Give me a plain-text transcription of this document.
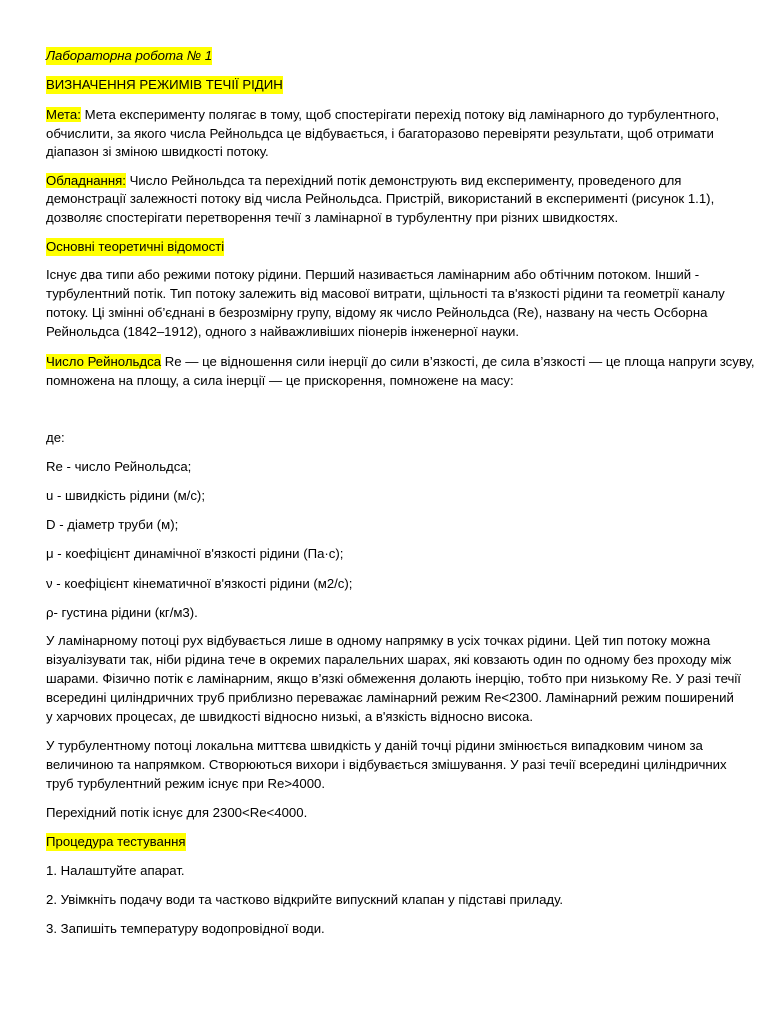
Лабораторна робота № 1
ВИЗНАЧЕННЯ РЕЖИМІВ ТЕЧІЇ РІДИН
Мета: Мета експерименту полягає в тому, щоб спостерігати перехід потоку від ламінарного до турбулентного,
обчислити, за якого числа Рейнольдса це відбувається, і багаторазово перевіряти результати, щоб отримати
діапазон зі зміною швидкості потоку.
Обладнання: Число Рейнольдса та перехідний потік демонструють вид експерименту, проведеного для
демонстрації залежності потоку від числа Рейнольдса. Пристрій, використаний в експерименті (рисунок 1.1),
дозволяє спостерігати перетворення течії з ламінарної в турбулентну при різних швидкостях.
Основні теоретичні відомості
Існує два типи або режими потоку рідини. Перший називається ламінарним або обтічним потоком. Інший -
турбулентний потік. Тип потоку залежить від масової витрати, щільності та в'язкості рідини та геометрії каналу
потоку. Ці змінні об’єднані в безрозмірну групу, відому як число Рейнольдса (Re), названу на честь Осборна
Рейнольдса (1842–1912), одного з найважливіших піонерів інженерної науки.
Число Рейнольдса Re — це відношення сили інерції до сили в’язкості, де сила в’язкості — це площа напруги зсуву,
помножена на площу, а сила інерції — це прискорення, помножене на масу:
де:
Re - число Рейнольдса;
u - швидкість рідини (м/с);
D - діаметр труби (м);
μ - коефіцієнт динамічної в'язкості рідини (Па·с);
ν - коефіцієнт кінематичної в'язкості рідини (м2/с);
ρ- густина рідини (кг/м3).
У ламінарному потоці рух відбувається лише в одному напрямку в усіх точках рідини. Цей тип потоку можна
візуалізувати так, ніби рідина тече в окремих паралельних шарах, які ковзають один по одному без проходу між
шарами. Фізично потік є ламінарним, якщо в’язкі обмеження долають інерцію, тобто при низькому Re. У разі течії
всередині циліндричних труб приблизно переважає ламінарний режим Re<2300. Ламінарний режим поширений
у харчових процесах, де швидкості відносно низькі, а в'язкість відносно висока.
У турбулентному потоці локальна миттєва швидкість у даній точці рідини змінюється випадковим чином за
величиною та напрямком. Створюються вихори і відбувається змішування. У разі течії всередині циліндричних
труб турбулентний режим існує при Re>4000.
Перехідний потік існує для 2300<Re<4000.
Процедура тестування
1. Налаштуйте апарат.
2. Увімкніть подачу води та частково відкрийте випускний клапан у підставі приладу.
3. Запишіть температуру водопровідної води.
